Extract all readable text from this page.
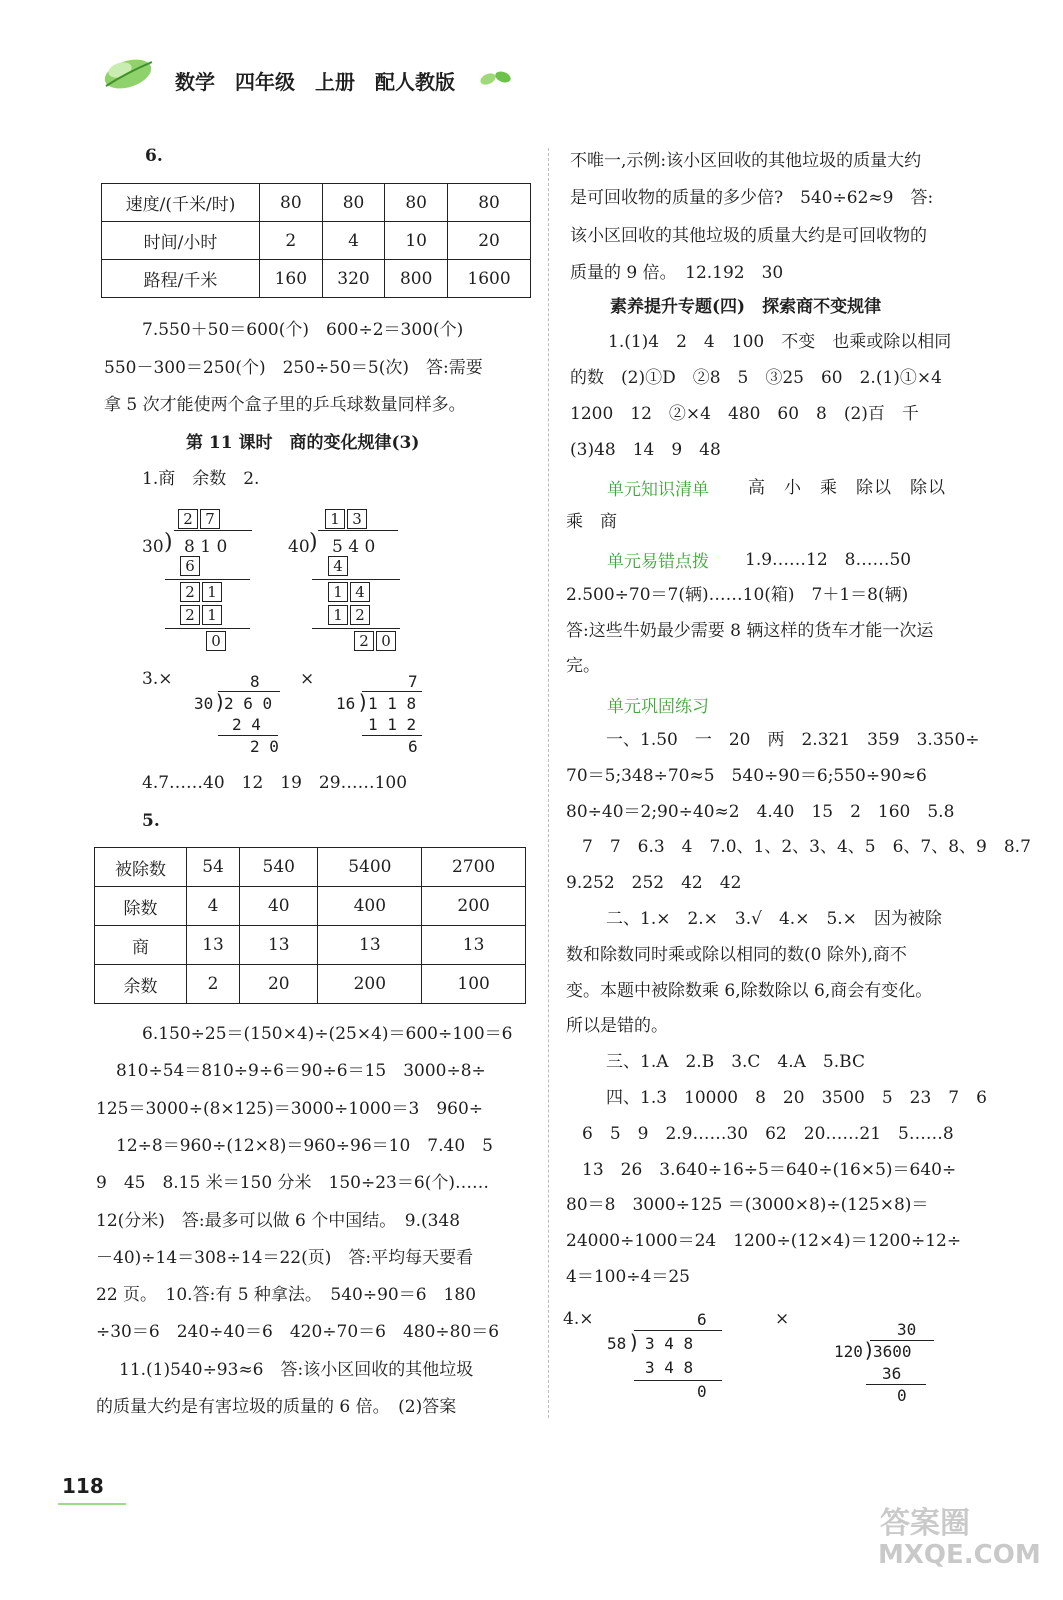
数学　四年级　上册　配人教版
6.
速度/(千米/时)	80	80	80	80
时间/小时	2	4	10	20
路程/千米	160	320	800	1600
7.550＋50＝600(个)　600÷2＝300(个)
550－300＝250(个)　250÷50＝5(次)　答:需要
拿 5 次才能使两个盒子里的乒乓球数量同样多。
第 11 课时　商的变化规律(3)
1.商　余数　2.
2 7
30 ) 8 1 0
6
2 1
2 1
0
1 3
40 ) 5 4 0
4
1 4
1 2
2 0
3.×	8
30 )
2 6 0
2 4
2 0
×	7
16 )
1 1 8
1 1 2
6
4.7……40　12　19　29……100
5.
被除数	54	540	5400	2700
除数	4	40	400	200
商	13	13	13	13
余数	2	20	200	100
6.150÷25＝(150×4)÷(25×4)＝600÷100＝6
810÷54＝810÷9÷6＝90÷6＝15　3000÷8÷
125＝3000÷(8×125)＝3000÷1000＝3　960÷
12÷8＝960÷(12×8)＝960÷96＝10　7.40　5
9　45　8.15 米＝150 分米　150÷23＝6(个)……
12(分米)　答:最多可以做 6 个中国结。　9.(348
－40)÷14＝308÷14＝22(页)　答:平均每天要看
22 页。　10.答:有 5 种拿法。　540÷90＝6　180
÷30＝6　240÷40＝6　420÷70＝6　480÷80＝6
11.(1)540÷93≈6　答:该小区回收的其他垃圾
的质量大约是有害垃圾的质量的 6 倍。　(2)答案
不唯一,示例:该小区回收的其他垃圾的质量大约
是可回收物的质量的多少倍?　540÷62≈9　答:
该小区回收的其他垃圾的质量大约是可回收物的
质量的 9 倍。　12.192　30
素养提升专题(四)　探索商不变规律
1.(1)4　2　4　100　不变　也乘或除以相同
的数　(2)①D　②8　5　③25　60　2.(1)①×4
1200　12　②×4　480　60　8　(2)百　千
(3)48　14　9　48
单元知识清单 高　小　乘　除以　除以
乘　商
单元易错点拨 1.9……12　8……50
2.500÷70＝7(辆)……10(箱)　7＋1＝8(辆)
答:这些牛奶最少需要 8 辆这样的货车才能一次运
完。
单元巩固练习
一、1.50　一　20　两　2.321　359　3.350÷
70＝5;348÷70≈5　540÷90＝6;550÷90≈6
80÷40＝2;90÷40≈2　4.40　15　2　160　5.8
7　7　6.3　4　7.0、1、2、3、4、5　6、7、8、9　8.7
9.252　252　42　42
二、1.×　2.×　3.√　4.×　5.×　因为被除
数和除数同时乘或除以相同的数(0 除外),商不
变。本题中被除数乘 6,除数除以 6,商会有变化。
所以是错的。
三、1.A　2.B　3.C　4.A　5.BC
四、1.3　10000　8　20　3500　5　23　7　6
6　5　9　2.9……30　62　20……21　5……8
13　26　3.640÷16÷5＝640÷(16×5)＝640÷
80＝8　3000÷125 ＝(3000×8)÷(125×8)＝
24000÷1000＝24　1200÷(12×4)＝1200÷12÷
4＝100÷4＝25
4.×	6
58 ) 3 4 8
3 4 8
0
×
30
120 )
3600
36
0
118
答案圈
MXQE.COM
